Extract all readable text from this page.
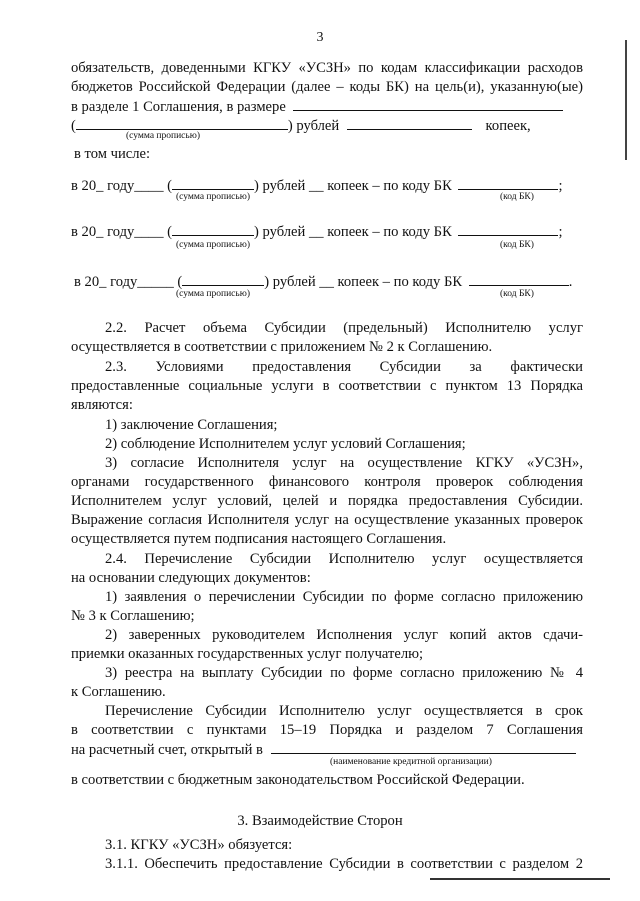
3
обязательств, доведенными КГКУ «УСЗН» по кодам классификации расходов
бюджетов Российской Федерации (далее – коды БК) на цель(и), указанную(ые)
в разделе 1 Соглашения, в размере
(	) рублей	копеек,
(сумма прописью)
в том числе:
в 20_ году____ (	) рублей __ копеек – по коду БК	;
(сумма прописью)	(код БК)
в 20_ году____ (	) рублей __ копеек – по коду БК	;
(сумма прописью)	(код БК)
в 20_ году_____ (	) рублей __ копеек – по коду БК	.
(сумма прописью)	(код БК)
2.2. Расчет объема Субсидии (предельный) Исполнителю услуг
осуществляется в соответствии с приложением № 2 к Соглашению.
2.3. Условиями предоставления Субсидии за фактически
предоставленные социальные услуги в соответствии с пунктом 13 Порядка
являются:
1) заключение Соглашения;
2) соблюдение Исполнителем услуг условий Соглашения;
3) согласие Исполнителя услуг на осуществление КГКУ «УСЗН»,
органами государственного финансового контроля проверок соблюдения
Исполнителем услуг условий, целей и порядка предоставления Субсидии.
Выражение согласия Исполнителя услуг на осуществление указанных проверок
осуществляется путем подписания настоящего Соглашения.
2.4. Перечисление Субсидии Исполнителю услуг осуществляется
на основании следующих документов:
1) заявления о перечислении Субсидии по форме согласно приложению
№ 3 к Соглашению;
2) заверенных руководителем Исполнения услуг копий актов сдачи-
приемки оказанных государственных услуг получателю;
3) реестра на выплату Субсидии по форме согласно приложению № 4
к Соглашению.
Перечисление Субсидии Исполнителю услуг осуществляется в срок
в соответствии с пунктами 15–19 Порядка и разделом 7 Соглашения
на расчетный счет, открытый в
(наименование кредитной организации)
в соответствии с бюджетным законодательством Российской Федерации.
3. Взаимодействие Сторон
3.1. КГКУ «УСЗН» обязуется:
3.1.1. Обеспечить предоставление Субсидии в соответствии с разделом 2
